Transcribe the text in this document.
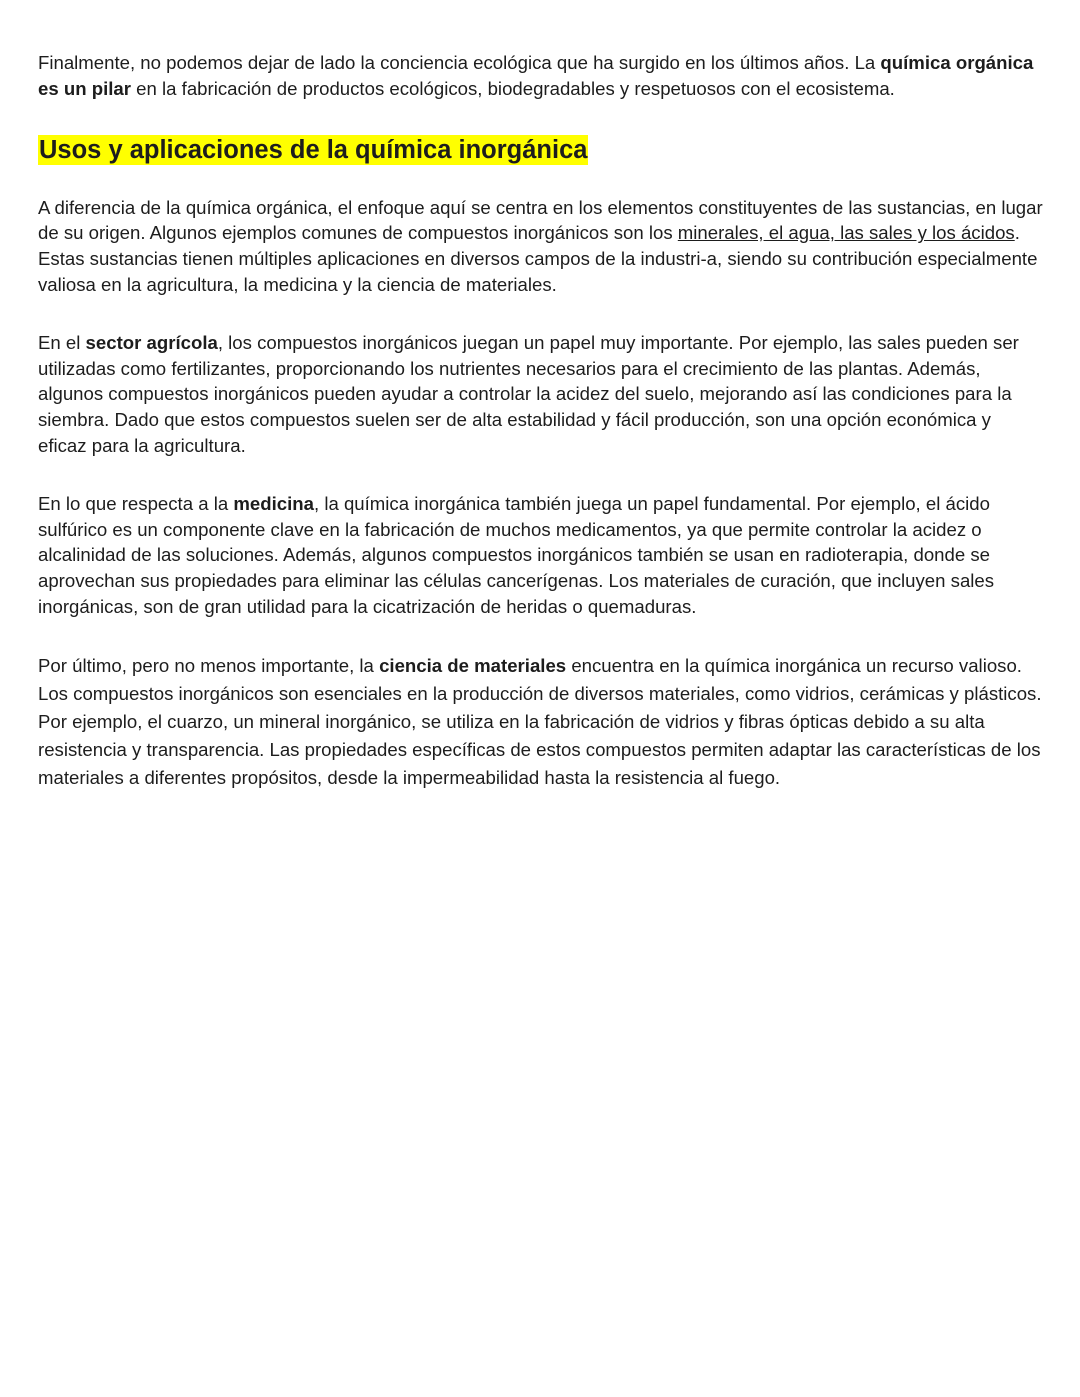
Finalmente, no podemos dejar de lado la conciencia ecológica que ha surgido en los últimos años. La química orgánica es un pilar en la fabricación de productos ecológicos, biodegradables y respetuosos con el ecosistema.

Usos y aplicaciones de la química inorgánica

A diferencia de la química orgánica, el enfoque aquí se centra en los elementos constituyentes de las sustancias, en lugar de su origen. Algunos ejemplos comunes de compuestos inorgánicos son los minerales, el agua, las sales y los ácidos. Estas sustancias tienen múltiples aplicaciones en diversos campos de la industri-a, siendo su contribución especialmente valiosa en la agricultura, la medicina y la ciencia de materiales.

En el sector agrícola, los compuestos inorgánicos juegan un papel muy importante. Por ejemplo, las sales pueden ser utilizadas como fertilizantes, proporcionando los nutrientes necesarios para el crecimiento de las plantas. Además, algunos compuestos inorgánicos pueden ayudar a controlar la acidez del suelo, mejorando así las condiciones para la siembra. Dado que estos compuestos suelen ser de alta estabilidad y fácil producción, son una opción económica y eficaz para la agricultura.

En lo que respecta a la medicina, la química inorgánica también juega un papel fundamental. Por ejemplo, el ácido sulfúrico es un componente clave en la fabricación de muchos medicamentos, ya que permite controlar la acidez o alcalinidad de las soluciones. Además, algunos compuestos inorgánicos también se usan en radioterapia, donde se aprovechan sus propiedades para eliminar las células cancerígenas. Los materiales de curación, que incluyen sales inorgánicas, son de gran utilidad para la cicatrización de heridas o quemaduras.

Por último, pero no menos importante, la ciencia de materiales encuentra en la química inorgánica un recurso valioso. Los compuestos inorgánicos son esenciales en la producción de diversos materiales, como vidrios, cerámicas y plásticos. Por ejemplo, el cuarzo, un mineral inorgánico, se utiliza en la fabricación de vidrios y fibras ópticas debido a su alta resistencia y transparencia. Las propiedades específicas de estos compuestos permiten adaptar las características de los materiales a diferentes propósitos, desde la impermeabilidad hasta la resistencia al fuego.
